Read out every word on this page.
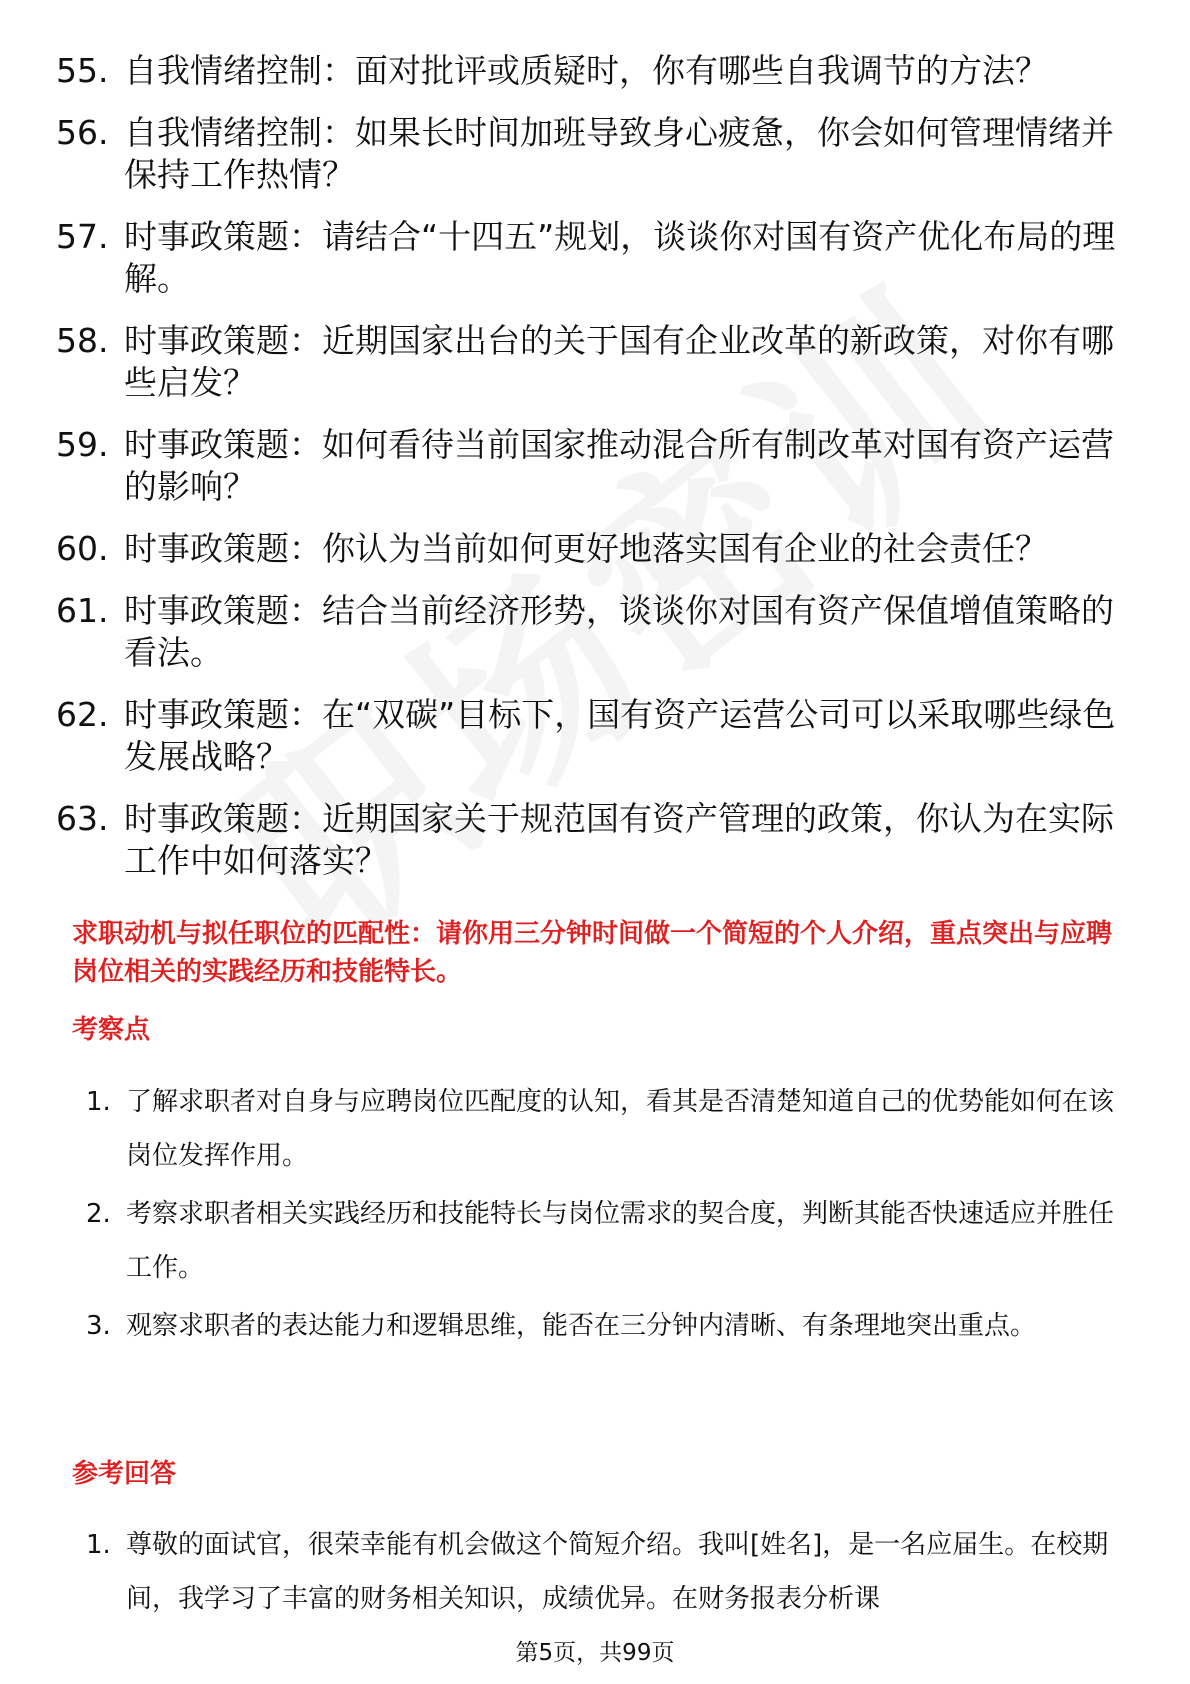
55. 自我情绪控制：面对批评或质疑时，你有哪些自我调节的方法？
56. 自我情绪控制：如果长时间加班导致身心疲惫，你会如何管理情绪并保持工作热情？
57. 时事政策题：请结合“十四五”规划，谈谈你对国有资产优化布局的理解。
58. 时事政策题：近期国家出台的关于国有企业改革的新政策，对你有哪些启发？
59. 时事政策题：如何看待当前国家推动混合所有制改革对国有资产运营的影响？
60. 时事政策题：你认为当前如何更好地落实国有企业的社会责任？
61. 时事政策题：结合当前经济形势，谈谈你对国有资产保值增值策略的看法。
62. 时事政策题：在“双碳”目标下，国有资产运营公司可以采取哪些绿色发展战略？
63. 时事政策题：近期国家关于规范国有资产管理的政策，你认为在实际工作中如何落实？

求职动机与拟任职位的匹配性：请你用三分钟时间做一个简短的个人介绍，重点突出与应聘岗位相关的实践经历和技能特长。

考察点

1. 了解求职者对自身与应聘岗位匹配度的认知，看其是否清楚知道自己的优势能如何在该岗位发挥作用。
2. 考察求职者相关实践经历和技能特长与岗位需求的契合度，判断其能否快速适应并胜任工作。
3. 观察求职者的表达能力和逻辑思维，能否在三分钟内清晰、有条理地突出重点。

参考回答

1. 尊敬的面试官，很荣幸能有机会做这个简短介绍。我叫[姓名]，是一名应届生。在校期间，我学习了丰富的财务相关知识，成绩优异。在财务报表分析课
第5页，共99页
